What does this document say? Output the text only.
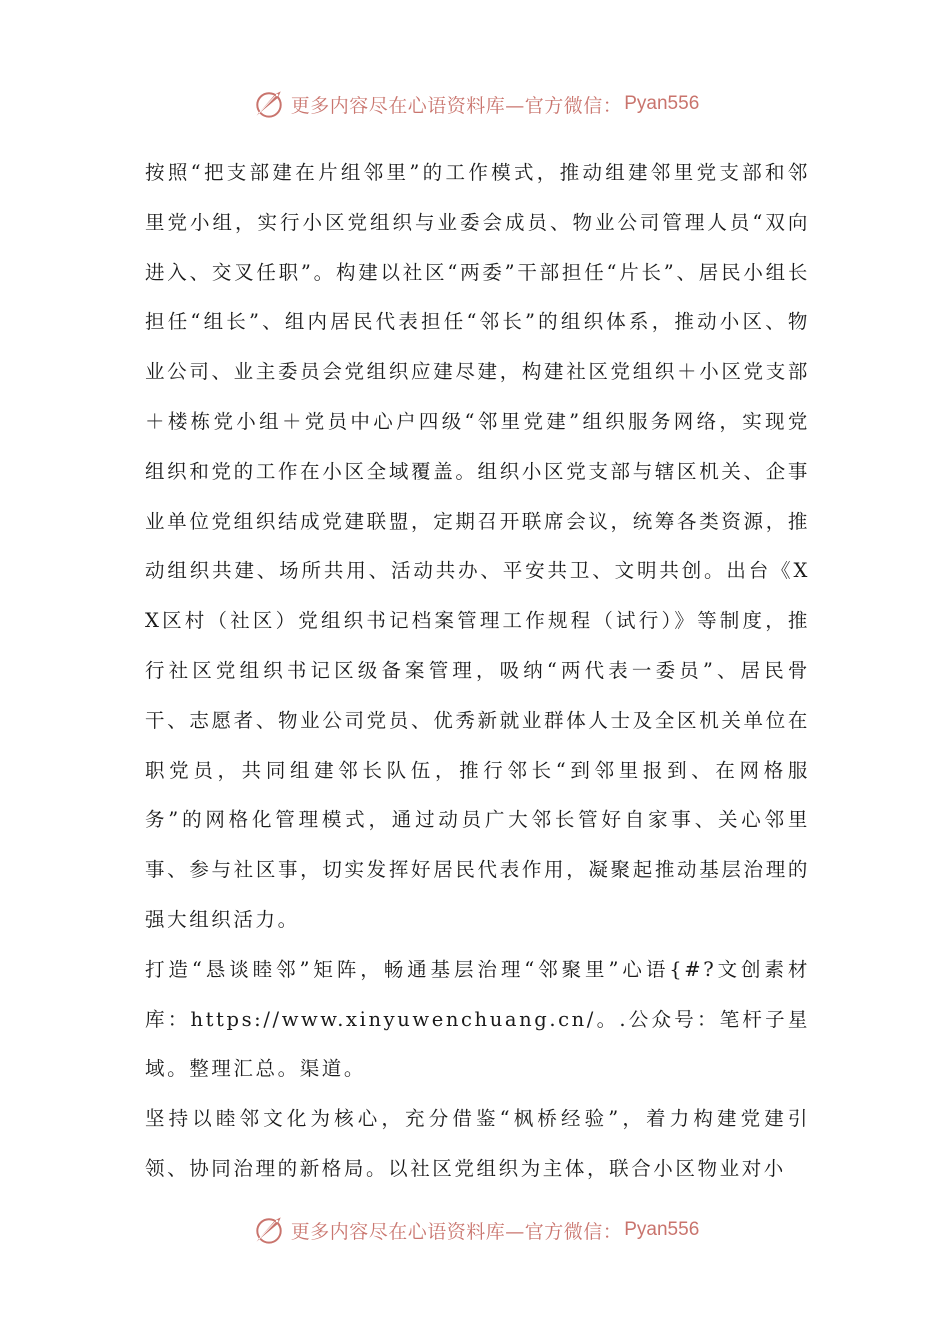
更多内容尽在心语资料库—官方微信： Pyan556

按照“把支部建在片组邻里”的工作模式，推动组建邻里党支部和邻里党小组，实行小区党组织与业委会成员、物业公司管理人员“双向进入、交叉任职”。构建以社区“两委”干部担任“片长”、居民小组长担任“组长”、组内居民代表担任“邻长”的组织体系，推动小区、物业公司、业主委员会党组织应建尽建，构建社区党组织＋小区党支部＋楼栋党小组＋党员中心户四级“邻里党建”组织服务网络，实现党组织和党的工作在小区全域覆盖。组织小区党支部与辖区机关、企事业单位党组织结成党建联盟，定期召开联席会议，统筹各类资源，推动组织共建、场所共用、活动共办、平安共卫、文明共创。出台《XX区村（社区）党组织书记档案管理工作规程（试行）》等制度，推行社区党组织书记区级备案管理，吸纳“两代表一委员”、居民骨干、志愿者、物业公司党员、优秀新就业群体人士及全区机关单位在职党员，共同组建邻长队伍，推行邻长“到邻里报到、在网格服务”的网格化管理模式，通过动员广大邻长管好自家事、关心邻里事、参与社区事，切实发挥好居民代表作用，凝聚起推动基层治理的强大组织活力。

打造“恳谈睦邻”矩阵，畅通基层治理“邻聚里”心语{#?文创素材库：https://www.xinyuwenchuang.cn/。.公众号：笔杆子星域。整理汇总。渠道。

坚持以睦邻文化为核心，充分借鉴“枫桥经验”，着力构建党建引领、协同治理的新格局。以社区党组织为主体，联合小区物业对小

更多内容尽在心语资料库—官方微信： Pyan556
